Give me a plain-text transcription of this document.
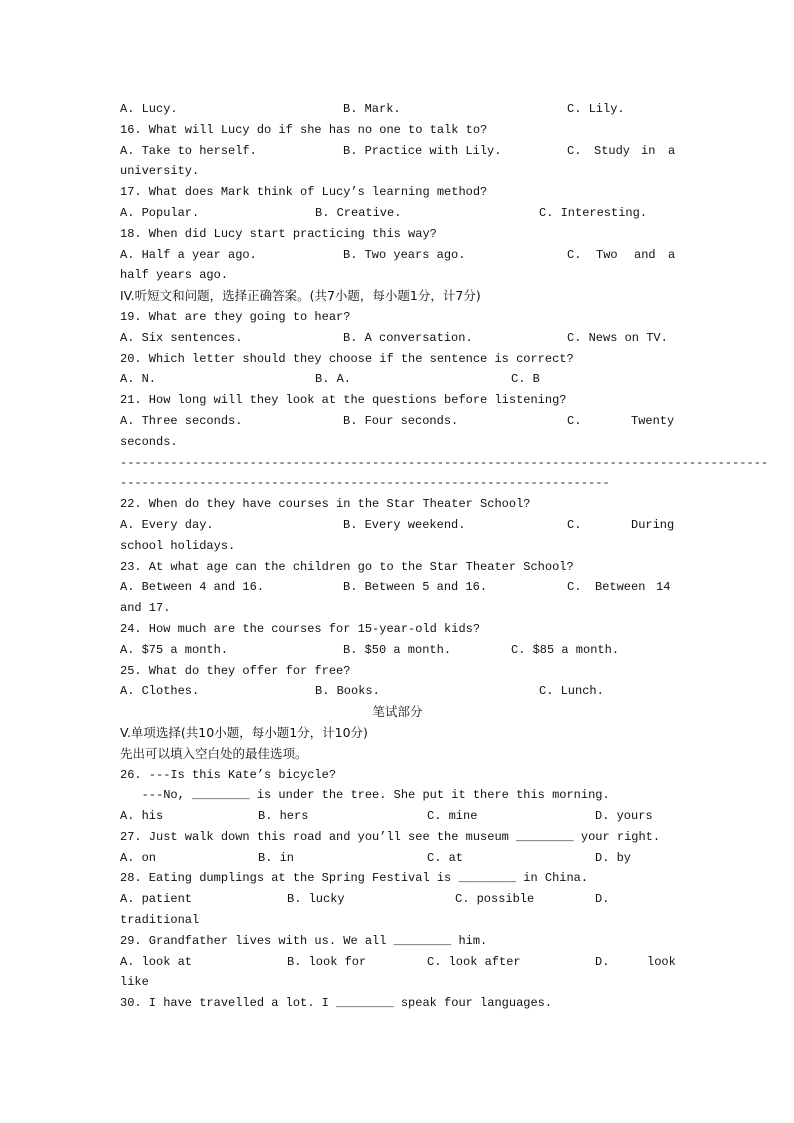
A. Lucy.

	B. Mark.

	C. Lily.

16. What will Lucy do if she has no one to talk to?

A. Take to herself.

	B. Practice with Lily.

	C.

Study

in

a

university.
17. What does Mark think of Lucy’s learning method?

A. Popular.

	B. Creative.

	C. Interesting.

18. When did Lucy start practicing this way?

A. Half a year ago.

	B. Two years ago.

	C.

Two

and

a

half years ago.
IV.听短文和问题，选择正确答案。(共7小题，每小题1分，计7分)
19. What are they going to hear?

A. Six sentences.

	B. A conversation.

	C. News on TV.

20. Which letter should they choose if the sentence is correct?

A. N.

	B. A.

	C. B

21. How long will they look at the questions before listening?

A. Three seconds.

	B. Four seconds.

	C.

	Twenty

seconds.
------------------------------------------------------------------------------------------
--------------------------------------------------------------------
22. When do they have courses in the Star Theater School?

A. Every day.

	B. Every weekend.

	C.

	During

school holidays.
23. At what age can the children go to the Star Theater School?

A. Between 4 and 16.

	B. Between 5 and 16.

	C.

Between

14

and 17.
24. How much are the courses for 15-year-old kids?

A. $75 a month.

	B. $50 a month.

	C. $85 a month.

25. What do they offer for free?

A. Clothes.

	B. Books.

	C. Lunch.

笔试部分
V.单项选择(共10小题，每小题1分，计10分)
先出可以填入空白处的最佳选项。
26. ---Is this Kate’s bicycle?
---No, ________ is under the tree. She put it there this morning.

A. his

	B. hers

	C. mine

	D. yours

27. Just walk down this road and you’ll see the museum ________ your right.

A. on

	B. in

	C. at

	D. by

28. Eating dumplings at the Spring Festival is ________ in China.

A. patient

	B. lucky

	C. possible

	D.

traditional
29. Grandfather lives with us. We all ________ him.

A. look at

	B. look for

	C. look after

	D.

	look

like
30. I have travelled a lot. I ________ speak four languages.
